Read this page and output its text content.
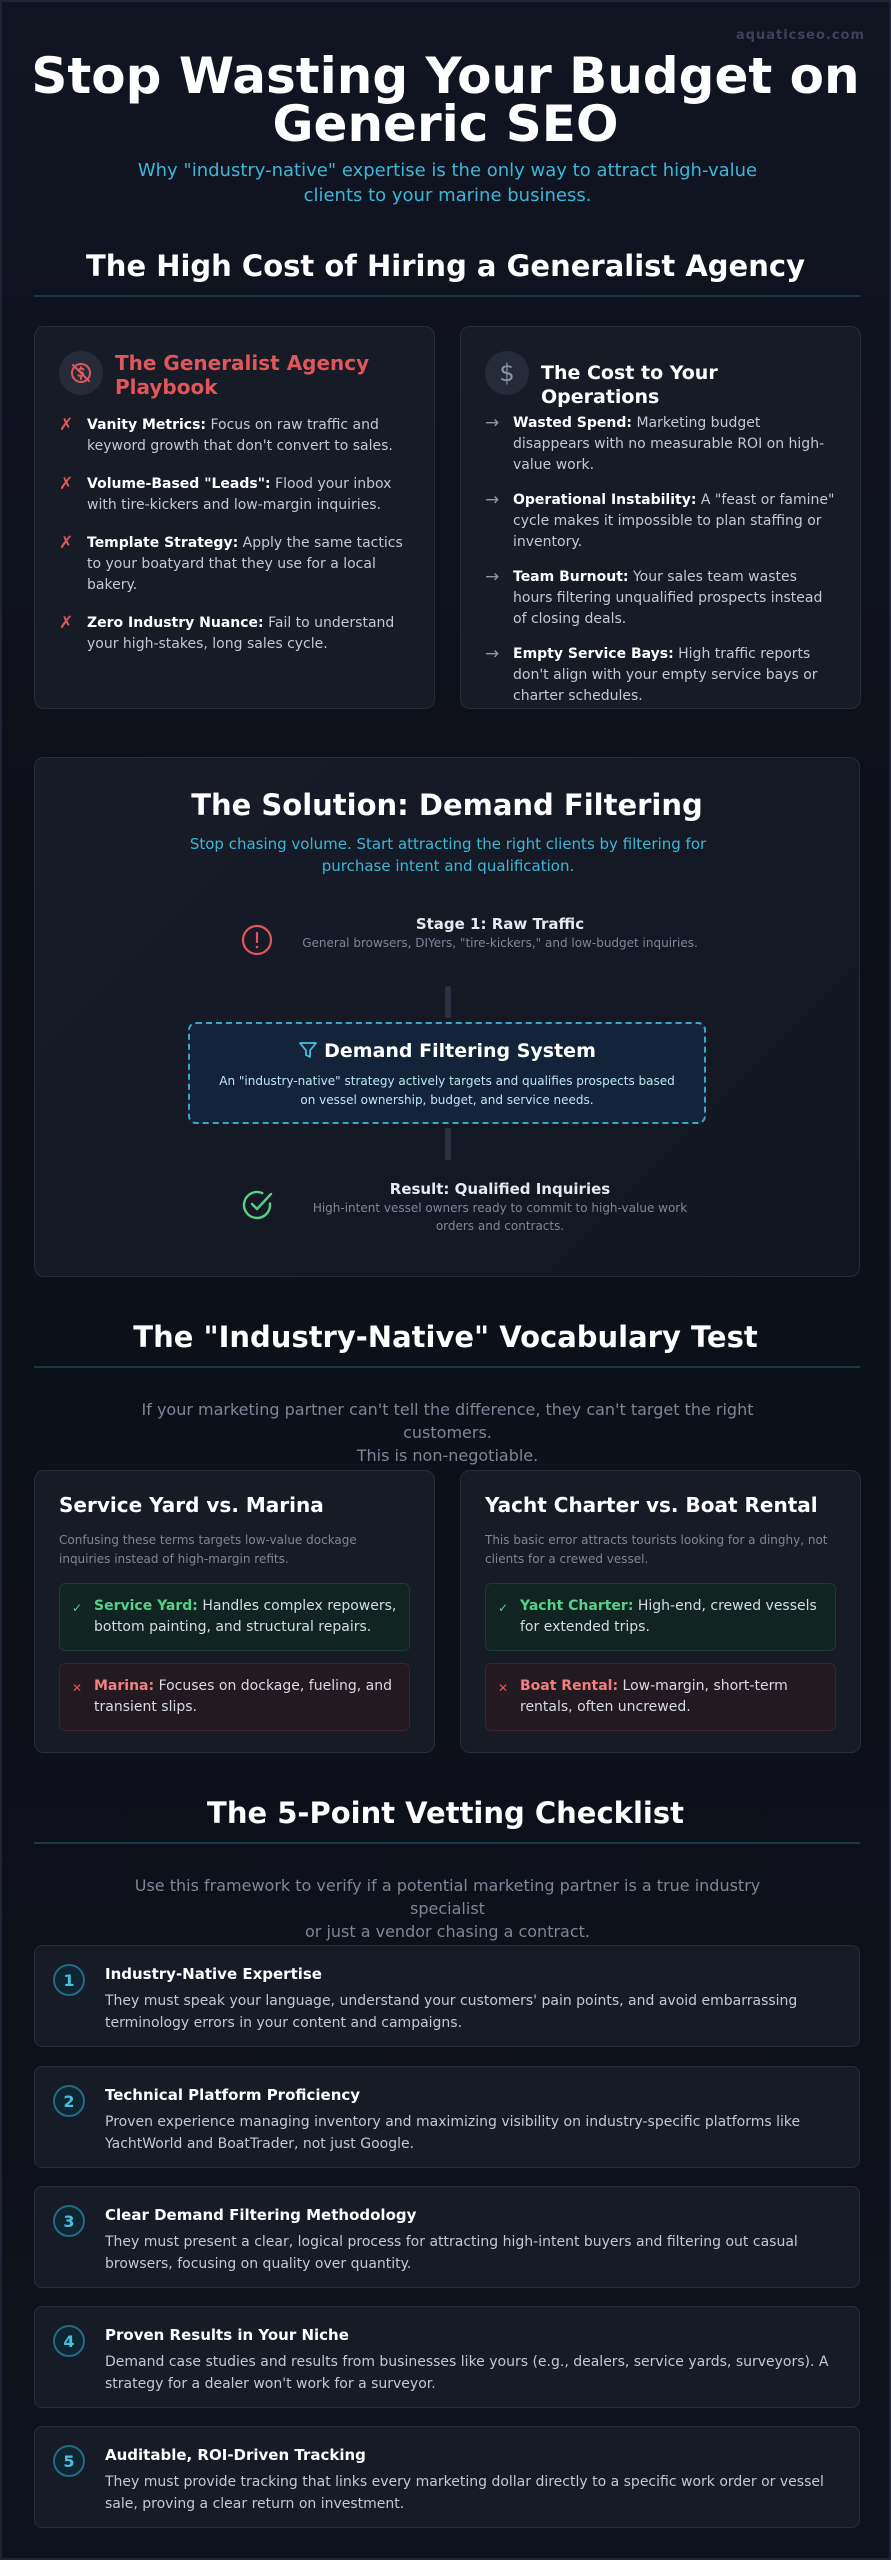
aquaticseo.com
Stop Wasting Your Budget on
Generic SEO

Why "industry-native" expertise is the only way to attract high-value clients to your marine business.

The High Cost of Hiring a Generalist Agency
The Generalist Agency Playbook
✗ Vanity Metrics: Focus on raw traffic and keyword growth that don't convert to sales.
✗ Volume-Based "Leads": Flood your inbox with tire-kickers and low-margin inquiries.
✗ Template Strategy: Apply the same tactics to your boatyard that they use for a local bakery.
✗ Zero Industry Nuance: Fail to understand your high-stakes, long sales cycle.
$ The Cost to Your Operations
→ Wasted Spend: Marketing budget disappears with no measurable ROI on high-value work.
→ Operational Instability: A "feast or famine" cycle makes it impossible to plan staffing or inventory.
→ Team Burnout: Your sales team wastes hours filtering unqualified prospects instead of closing deals.
→ Empty Service Bays: High traffic reports don't align with your empty service bays or charter schedules.
The Solution: Demand Filtering

Stop chasing volume. Start attracting the right clients by filtering for purchase intent and qualification.

Stage 1: Raw Traffic
General browsers, DIYers, "tire-kickers," and low-budget inquiries.
Demand Filtering System
An "industry-native" strategy actively targets and qualifies prospects based on vessel ownership, budget, and service needs.
Result: Qualified Inquiries
High-intent vessel owners ready to commit to high-value work orders and contracts.
The "Industry-Native" Vocabulary Test

If your marketing partner can't tell the difference, they can't target the right customers.
This is non-negotiable.

Service Yard vs. Marina
Confusing these terms targets low-value dockage inquiries instead of high-margin refits.
✓ Service Yard: Handles complex repowers, bottom painting, and structural repairs.
✕ Marina: Focuses on dockage, fueling, and transient slips.
Yacht Charter vs. Boat Rental
This basic error attracts tourists looking for a dinghy, not clients for a crewed vessel.
✓ Yacht Charter: High-end, crewed vessels for extended trips.
✕ Boat Rental: Low-margin, short-term rentals, often uncrewed.
The 5-Point Vetting Checklist

Use this framework to verify if a potential marketing partner is a true industry specialist
or just a vendor chasing a contract.

1	Industry-Native Expertise
They must speak your language, understand your customers' pain points, and avoid embarrassing terminology errors in your content and campaigns.
2	Technical Platform Proficiency
Proven experience managing inventory and maximizing visibility on industry-specific platforms like YachtWorld and BoatTrader, not just Google.
3	Clear Demand Filtering Methodology
They must present a clear, logical process for attracting high-intent buyers and filtering out casual browsers, focusing on quality over quantity.
4	Proven Results in Your Niche
Demand case studies and results from businesses like yours (e.g., dealers, service yards, surveyors). A strategy for a dealer won't work for a surveyor.
5	Auditable, ROI-Driven Tracking
They must provide tracking that links every marketing dollar directly to a specific work order or vessel sale, proving a clear return on investment.
